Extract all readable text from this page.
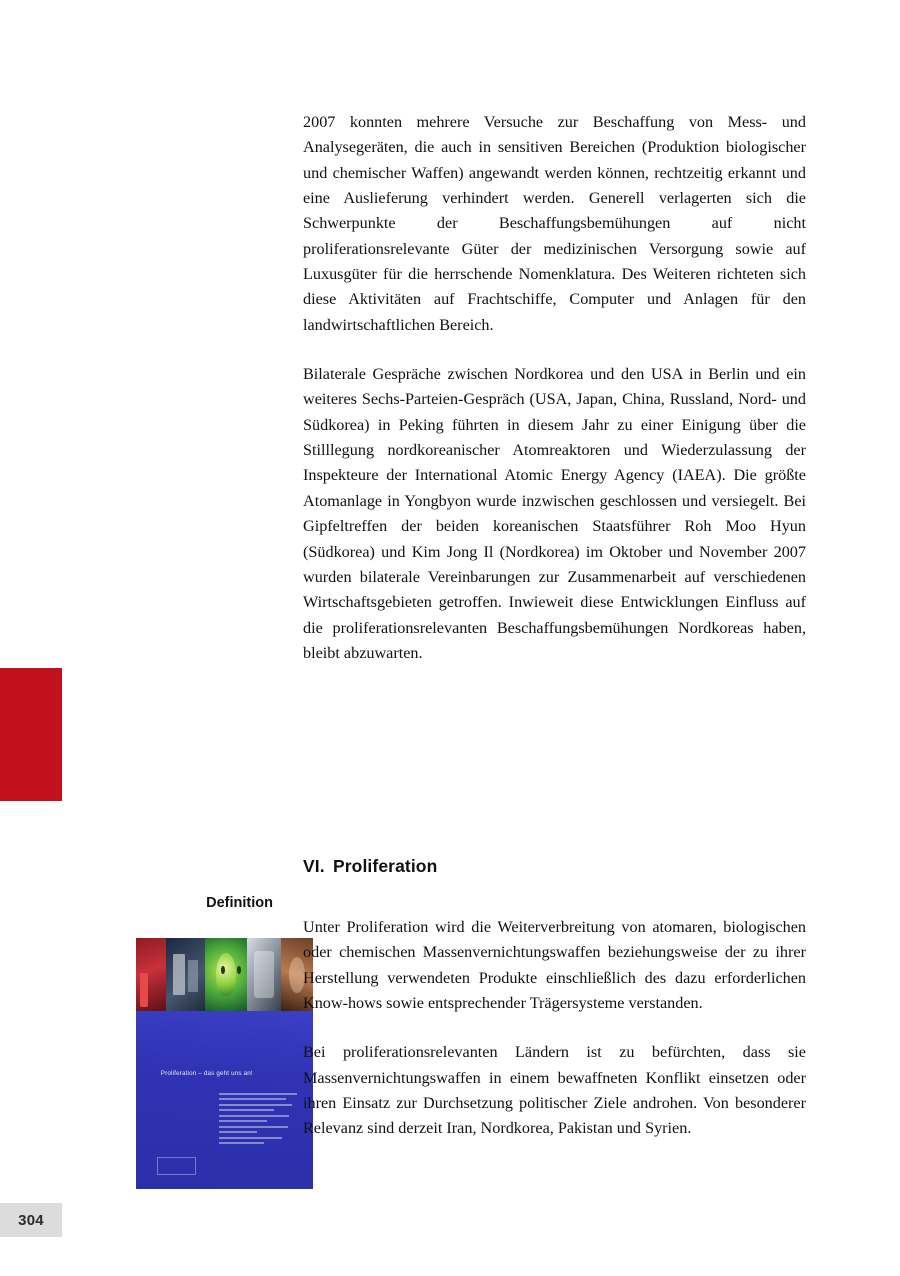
2007 konnten mehrere Versuche zur Beschaffung von Mess- und Analysegeräten, die auch in sensitiven Bereichen (Produktion biologischer und chemischer Waffen) angewandt werden können, rechtzeitig erkannt und eine Auslieferung verhindert werden. Generell verlagerten sich die Schwerpunkte der Beschaffungsbemühungen auf nicht proliferationsrelevante Güter der medizinischen Versorgung sowie auf Luxusgüter für die herrschende Nomenklatura. Des Weiteren richteten sich diese Aktivitäten auf Frachtschiffe, Computer und Anlagen für den landwirtschaftlichen Bereich.

Bilaterale Gespräche zwischen Nordkorea und den USA in Berlin und ein weiteres Sechs-Parteien-Gespräch (USA, Japan, China, Russland, Nord- und Südkorea) in Peking führten in diesem Jahr zu einer Einigung über die Stilllegung nordkoreanischer Atomreaktoren und Wiederzulassung der Inspekteure der International Atomic Energy Agency (IAEA). Die größte Atomanlage in Yongbyon wurde inzwischen geschlossen und versiegelt. Bei Gipfeltreffen der beiden koreanischen Staatsführer Roh Moo Hyun (Südkorea) und Kim Jong Il (Nordkorea) im Oktober und November 2007 wurden bilaterale Vereinbarungen zur Zusammenarbeit auf verschiedenen Wirtschaftsgebieten getroffen. Inwieweit diese Entwicklungen Einfluss auf die proliferationsrelevanten Beschaffungsbemühungen Nordkoreas haben, bleibt abzuwarten.

VI. Proliferation
Definition
Proliferation – das geht uns an!

Unter Proliferation wird die Weiterverbreitung von atomaren, biologischen oder chemischen Massenvernichtungswaffen beziehungsweise der zu ihrer Herstellung verwendeten Produkte einschließlich des dazu erforderlichen Know-hows sowie entsprechender Trägersysteme verstanden.

Bei proliferationsrelevanten Ländern ist zu befürchten, dass sie Massenvernichtungswaffen in einem bewaffneten Konflikt einsetzen oder ihren Einsatz zur Durchsetzung politischer Ziele androhen. Von besonderer Relevanz sind derzeit Iran, Nordkorea, Pakistan und Syrien.

304
